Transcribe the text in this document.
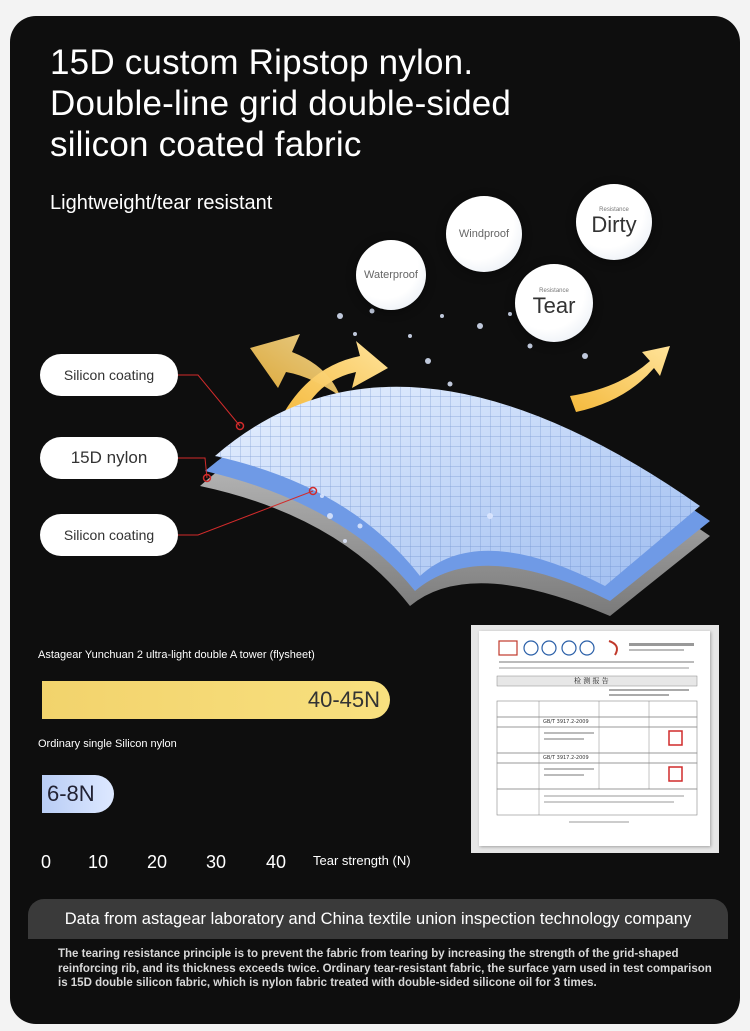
15D custom Ripstop nylon.
Double-line grid double-sided
silicon coated fabric
Lightweight/tear resistant
Waterproof
Windproof
Resistance
Dirty
Resistance
Tear
Silicon coating
15D nylon
Silicon coating
Astagear Yunchuan 2 ultra-light double A tower (flysheet)
40-45N
Ordinary single Silicon nylon
6-8N
0 10 20 30 40 Tear strength (N)
检 测 报 告
GB/T 3917.2-2009
GB/T 3917.2-2009
Data from astagear laboratory and China textile union inspection technology company

The tearing resistance principle is to prevent the fabric from tearing by increasing the strength of the grid-shaped reinforcing rib, and its thickness exceeds twice. Ordinary tear-resistant fabric, the surface yarn used in test comparison is 15D double silicon fabric, which is nylon fabric treated with double-sided silicone oil for 3 times.
